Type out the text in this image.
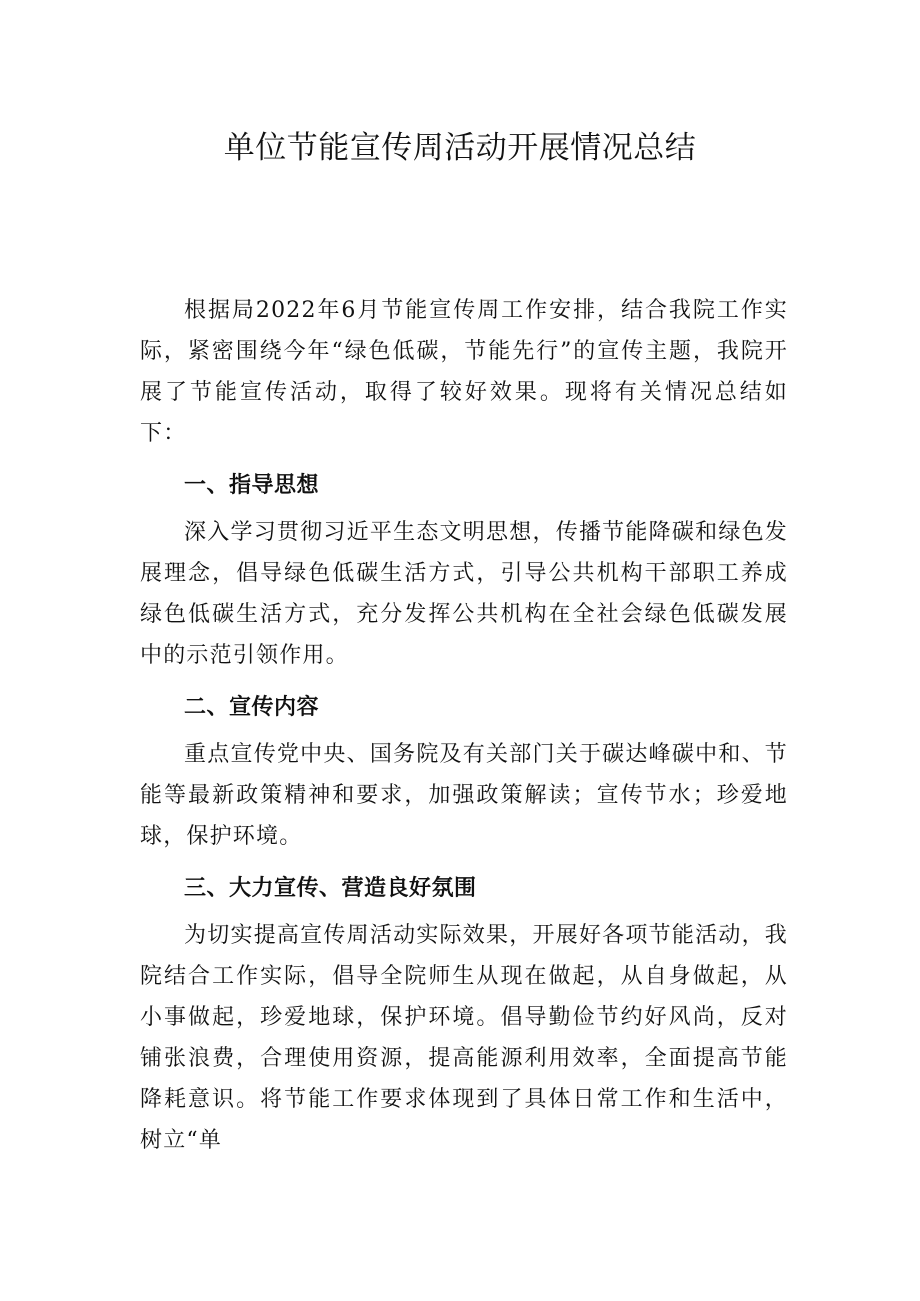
单位节能宣传周活动开展情况总结

根据局2022年6月节能宣传周工作安排，结合我院工作实际，紧密围绕今年“绿色低碳，节能先行”的宣传主题，我院开展了节能宣传活动，取得了较好效果。现将有关情况总结如下：

一、指导思想

深入学习贯彻习近平生态文明思想，传播节能降碳和绿色发展理念，倡导绿色低碳生活方式，引导公共机构干部职工养成绿色低碳生活方式，充分发挥公共机构在全社会绿色低碳发展中的示范引领作用。

二、宣传内容

重点宣传党中央、国务院及有关部门关于碳达峰碳中和、节能等最新政策精神和要求，加强政策解读；宣传节水；珍爱地球，保护环境。

三、大力宣传、营造良好氛围

为切实提高宣传周活动实际效果，开展好各项节能活动，我院结合工作实际，倡导全院师生从现在做起，从自身做起，从小事做起，珍爱地球，保护环境。倡导勤俭节约好风尚，反对铺张浪费，合理使用资源，提高能源利用效率，全面提高节能降耗意识。将节能工作要求体现到了具体日常工作和生活中，树立“单
